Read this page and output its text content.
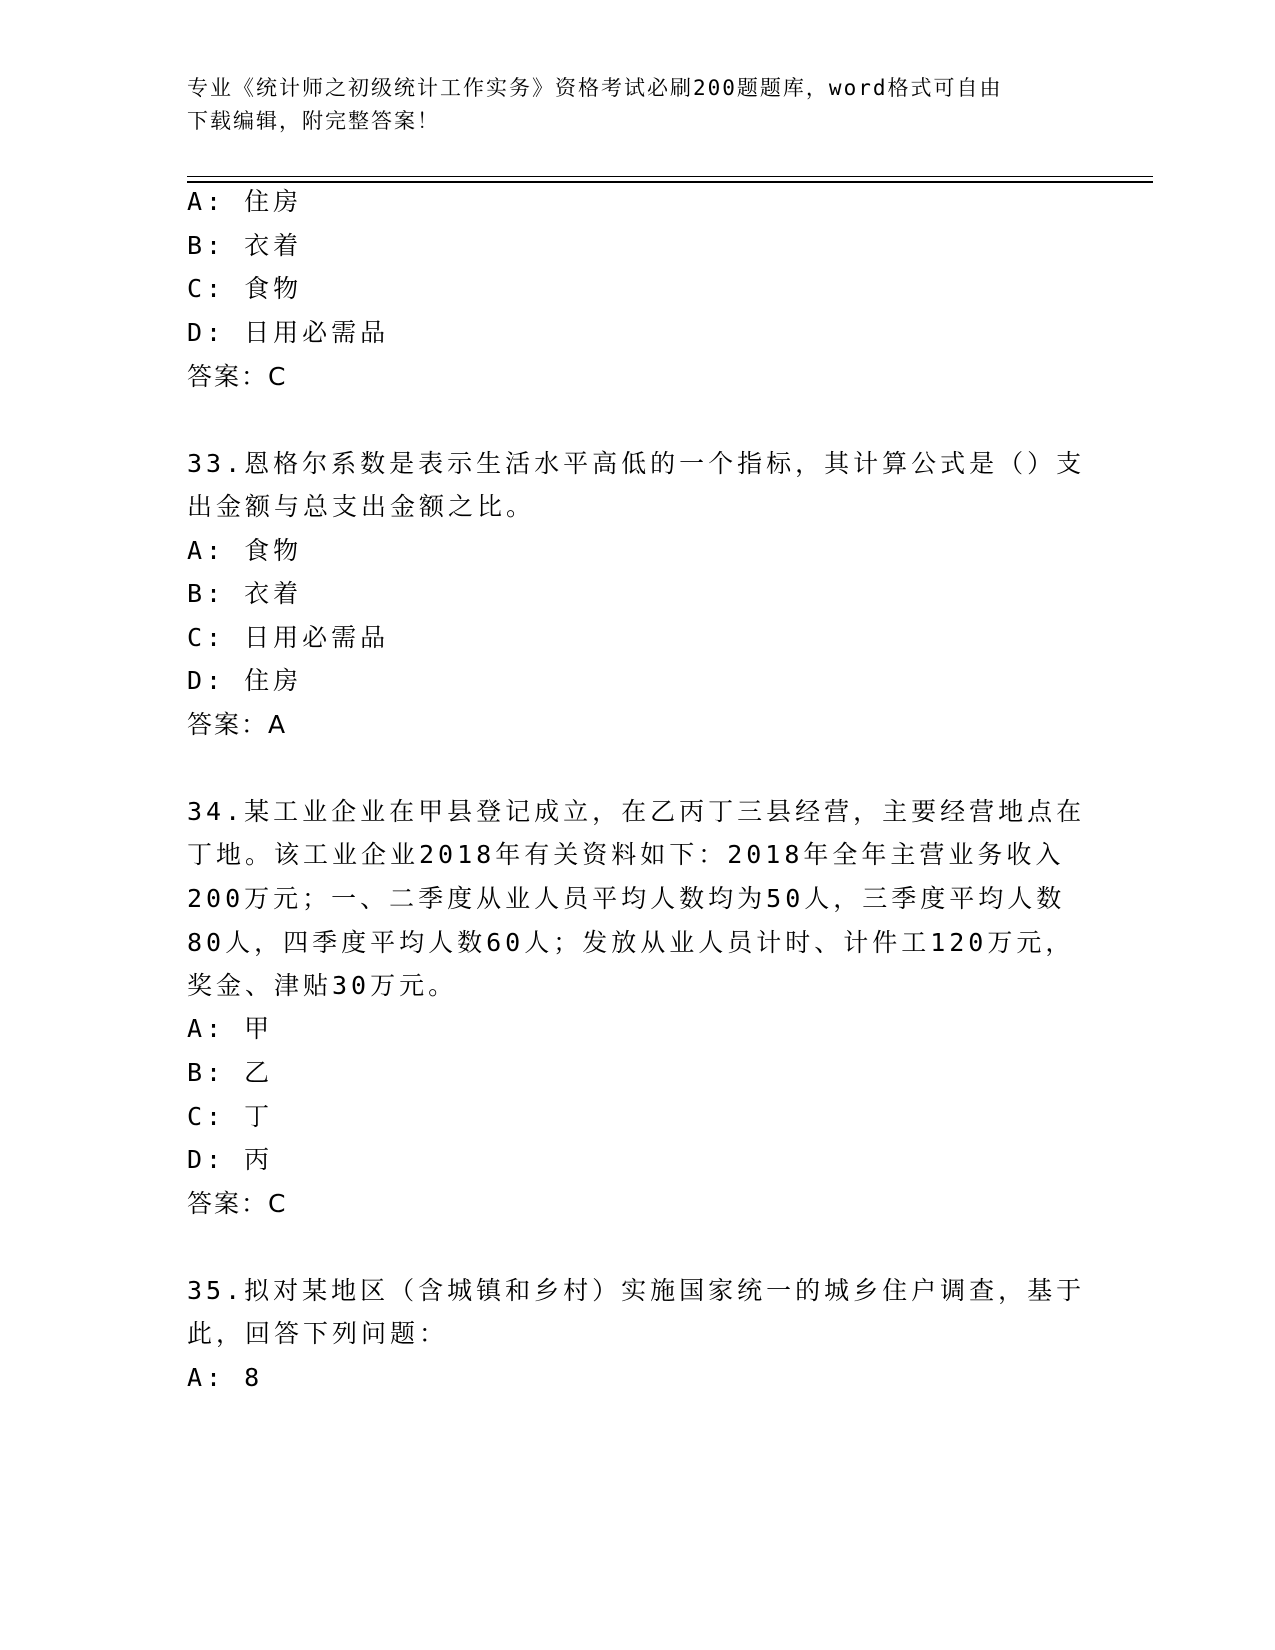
专业《统计师之初级统计工作实务》资格考试必刷200题题库，word格式可自由
下载编辑，附完整答案！
A: 住房
B: 衣着
C: 食物
D: 日用必需品
答案：C
33.恩格尔系数是表示生活水平高低的一个指标，其计算公式是（）支
出金额与总支出金额之比。
A: 食物
B: 衣着
C: 日用必需品
D: 住房
答案：A
34.某工业企业在甲县登记成立，在乙丙丁三县经营，主要经营地点在
丁地。该工业企业2018年有关资料如下：2018年全年主营业务收入
200万元；一、二季度从业人员平均人数均为50人，三季度平均人数
80人，四季度平均人数60人；发放从业人员计时、计件工120万元，
奖金、津贴30万元。
A: 甲
B: 乙
C: 丁
D: 丙
答案：C
35.拟对某地区（含城镇和乡村）实施国家统一的城乡住户调查，基于
此，回答下列问题：
A: 8
